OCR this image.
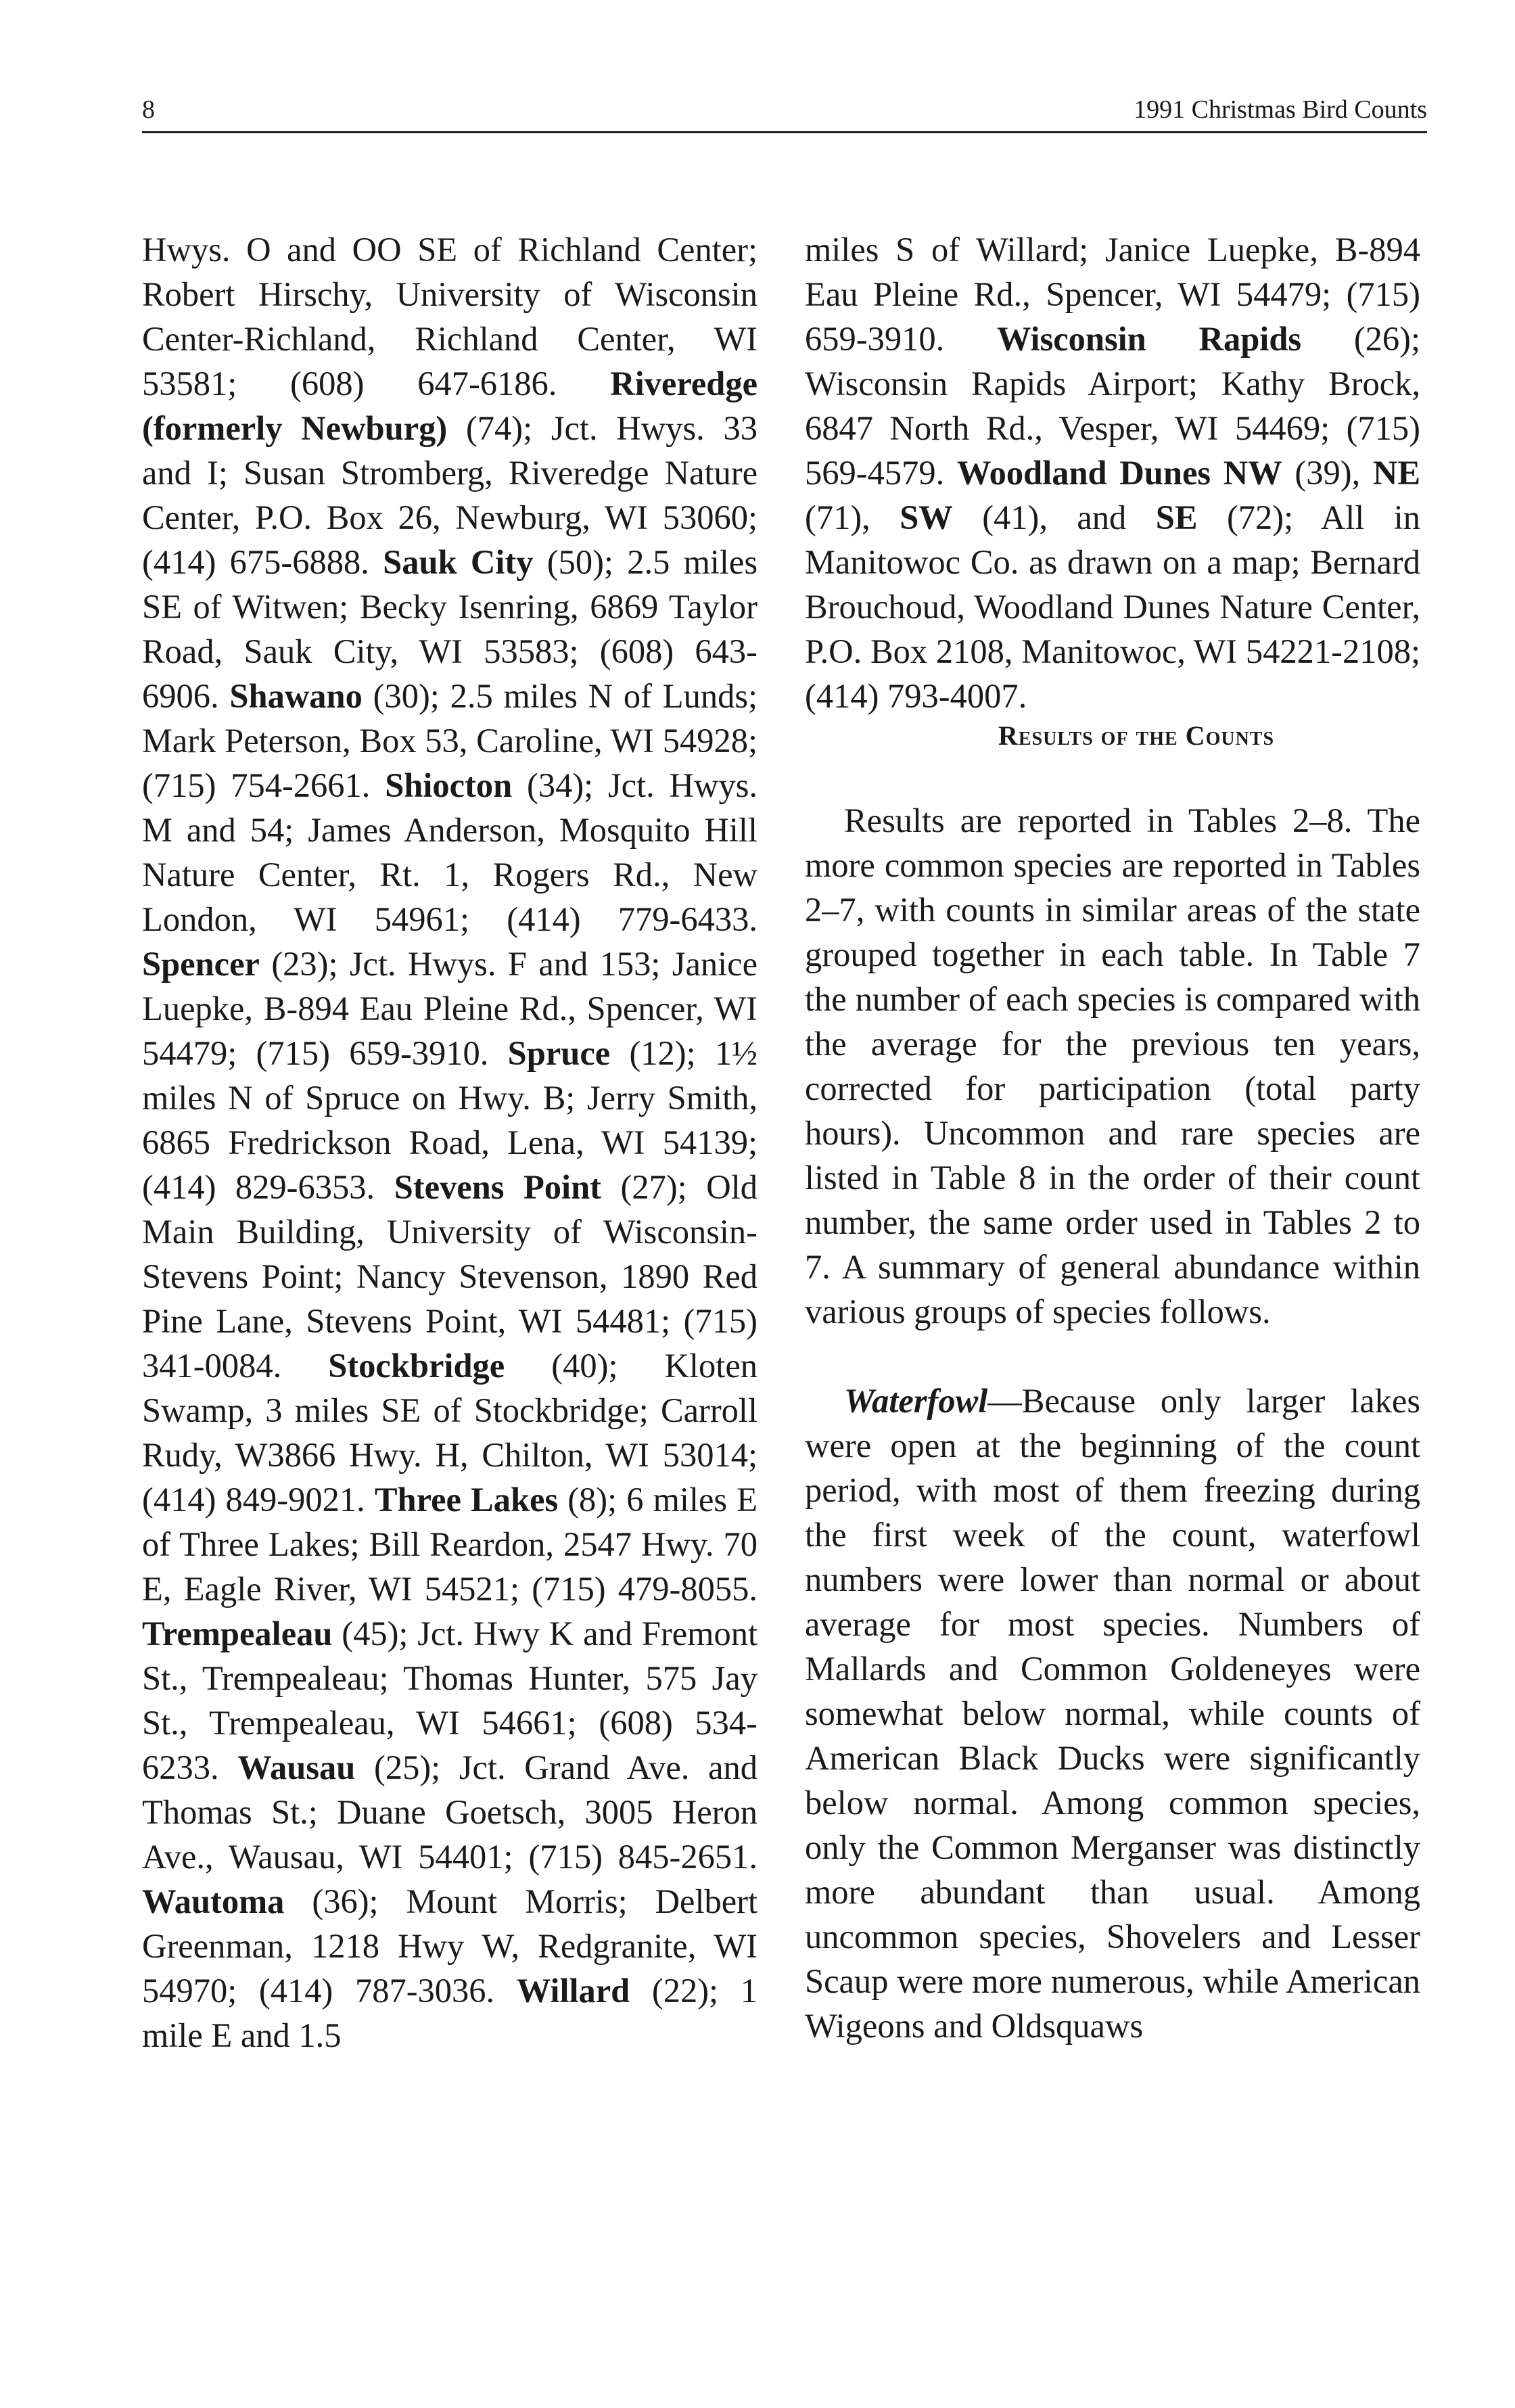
8	1991 Christmas Bird Counts

Hwys. O and OO SE of Richland Center; Robert Hirschy, University of Wisconsin Center-Richland, Richland Center, WI 53581; (608) 647-6186. Riveredge (formerly Newburg) (74); Jct. Hwys. 33 and I; Susan Stromberg, Riveredge Nature Center, P.O. Box 26, Newburg, WI 53060; (414) 675-6888. Sauk City (50); 2.5 miles SE of Witwen; Becky Isenring, 6869 Taylor Road, Sauk City, WI 53583; (608) 643-6906. Shawano (30); 2.5 miles N of Lunds; Mark Peterson, Box 53, Caroline, WI 54928; (715) 754-2661. Shiocton (34); Jct. Hwys. M and 54; James Anderson, Mosquito Hill Nature Center, Rt. 1, Rogers Rd., New London, WI 54961; (414) 779-6433. Spencer (23); Jct. Hwys. F and 153; Janice Luepke, B-894 Eau Pleine Rd., Spencer, WI 54479; (715) 659-3910. Spruce (12); 1½ miles N of Spruce on Hwy. B; Jerry Smith, 6865 Fredrickson Road, Lena, WI 54139; (414) 829-6353. Stevens Point (27); Old Main Building, University of Wisconsin-Stevens Point; Nancy Stevenson, 1890 Red Pine Lane, Stevens Point, WI 54481; (715) 341-0084. Stockbridge (40); Kloten Swamp, 3 miles SE of Stockbridge; Carroll Rudy, W3866 Hwy. H, Chilton, WI 53014; (414) 849-9021. Three Lakes (8); 6 miles E of Three Lakes; Bill Reardon, 2547 Hwy. 70 E, Eagle River, WI 54521; (715) 479-8055. Trempealeau (45); Jct. Hwy K and Fremont St., Trempealeau; Thomas Hunter, 575 Jay St., Trempealeau, WI 54661; (608) 534-6233. Wausau (25); Jct. Grand Ave. and Thomas St.; Duane Goetsch, 3005 Heron Ave., Wausau, WI 54401; (715) 845-2651. Wautoma (36); Mount Morris; Delbert Greenman, 1218 Hwy W, Redgranite, WI 54970; (414) 787-3036. Willard (22); 1 mile E and 1.5

miles S of Willard; Janice Luepke, B-894 Eau Pleine Rd., Spencer, WI 54479; (715) 659-3910. Wisconsin Rapids (26); Wisconsin Rapids Airport; Kathy Brock, 6847 North Rd., Vesper, WI 54469; (715) 569-4579. Woodland Dunes NW (39), NE (71), SW (41), and SE (72); All in Manitowoc Co. as drawn on a map; Bernard Brouchoud, Woodland Dunes Nature Center, P.O. Box 2108, Manitowoc, WI 54221-2108; (414) 793-4007.

Results of the Counts

Results are reported in Tables 2–8. The more common species are reported in Tables 2–7, with counts in similar areas of the state grouped together in each table. In Table 7 the number of each species is compared with the average for the previous ten years, corrected for participation (total party hours). Uncommon and rare species are listed in Table 8 in the order of their count number, the same order used in Tables 2 to 7. A summary of general abundance within various groups of species follows.

Waterfowl—Because only larger lakes were open at the beginning of the count period, with most of them freezing during the first week of the count, waterfowl numbers were lower than normal or about average for most species. Numbers of Mallards and Common Goldeneyes were somewhat below normal, while counts of American Black Ducks were significantly below normal. Among common species, only the Common Merganser was distinctly more abundant than usual. Among uncommon species, Shovelers and Lesser Scaup were more numerous, while American Wigeons and Oldsquaws
